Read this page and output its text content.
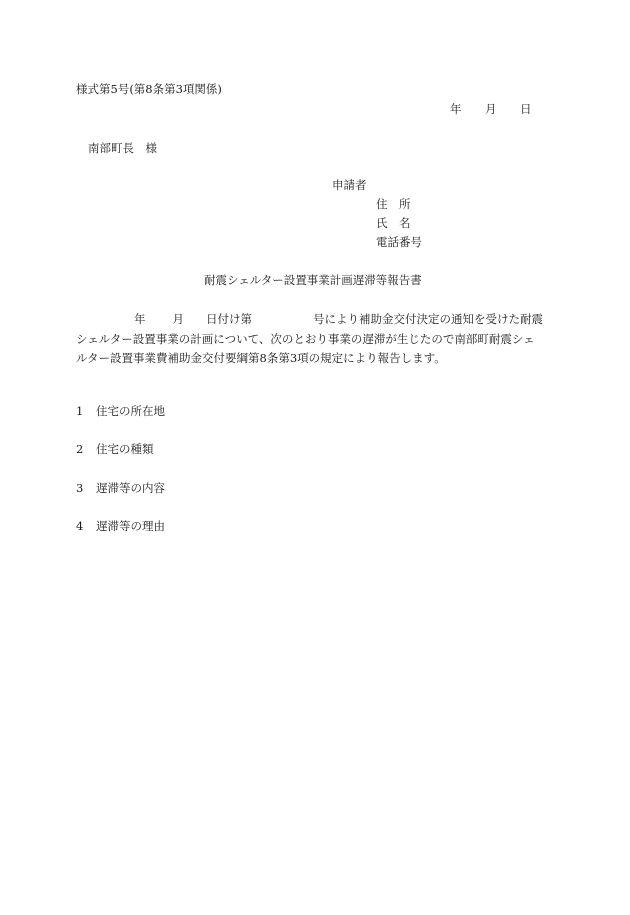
様式第5号(第8条第3項関係)
年 月 日
南部町長　様
申請者
住　所
氏　名
電話番号
耐震シェルター設置事業計画遅滞等報告書
年 月 日付け第	号により補助金交付決定の通知を受けた耐震
シェルター設置事業の計画について、次のとおり事業の遅滞が生じたので南部町耐震シェ
ルター設置事業費補助金交付要綱第8条第3項の規定により報告します。
1 住宅の所在地
2 住宅の種類
3 遅滞等の内容
4 遅滞等の理由
